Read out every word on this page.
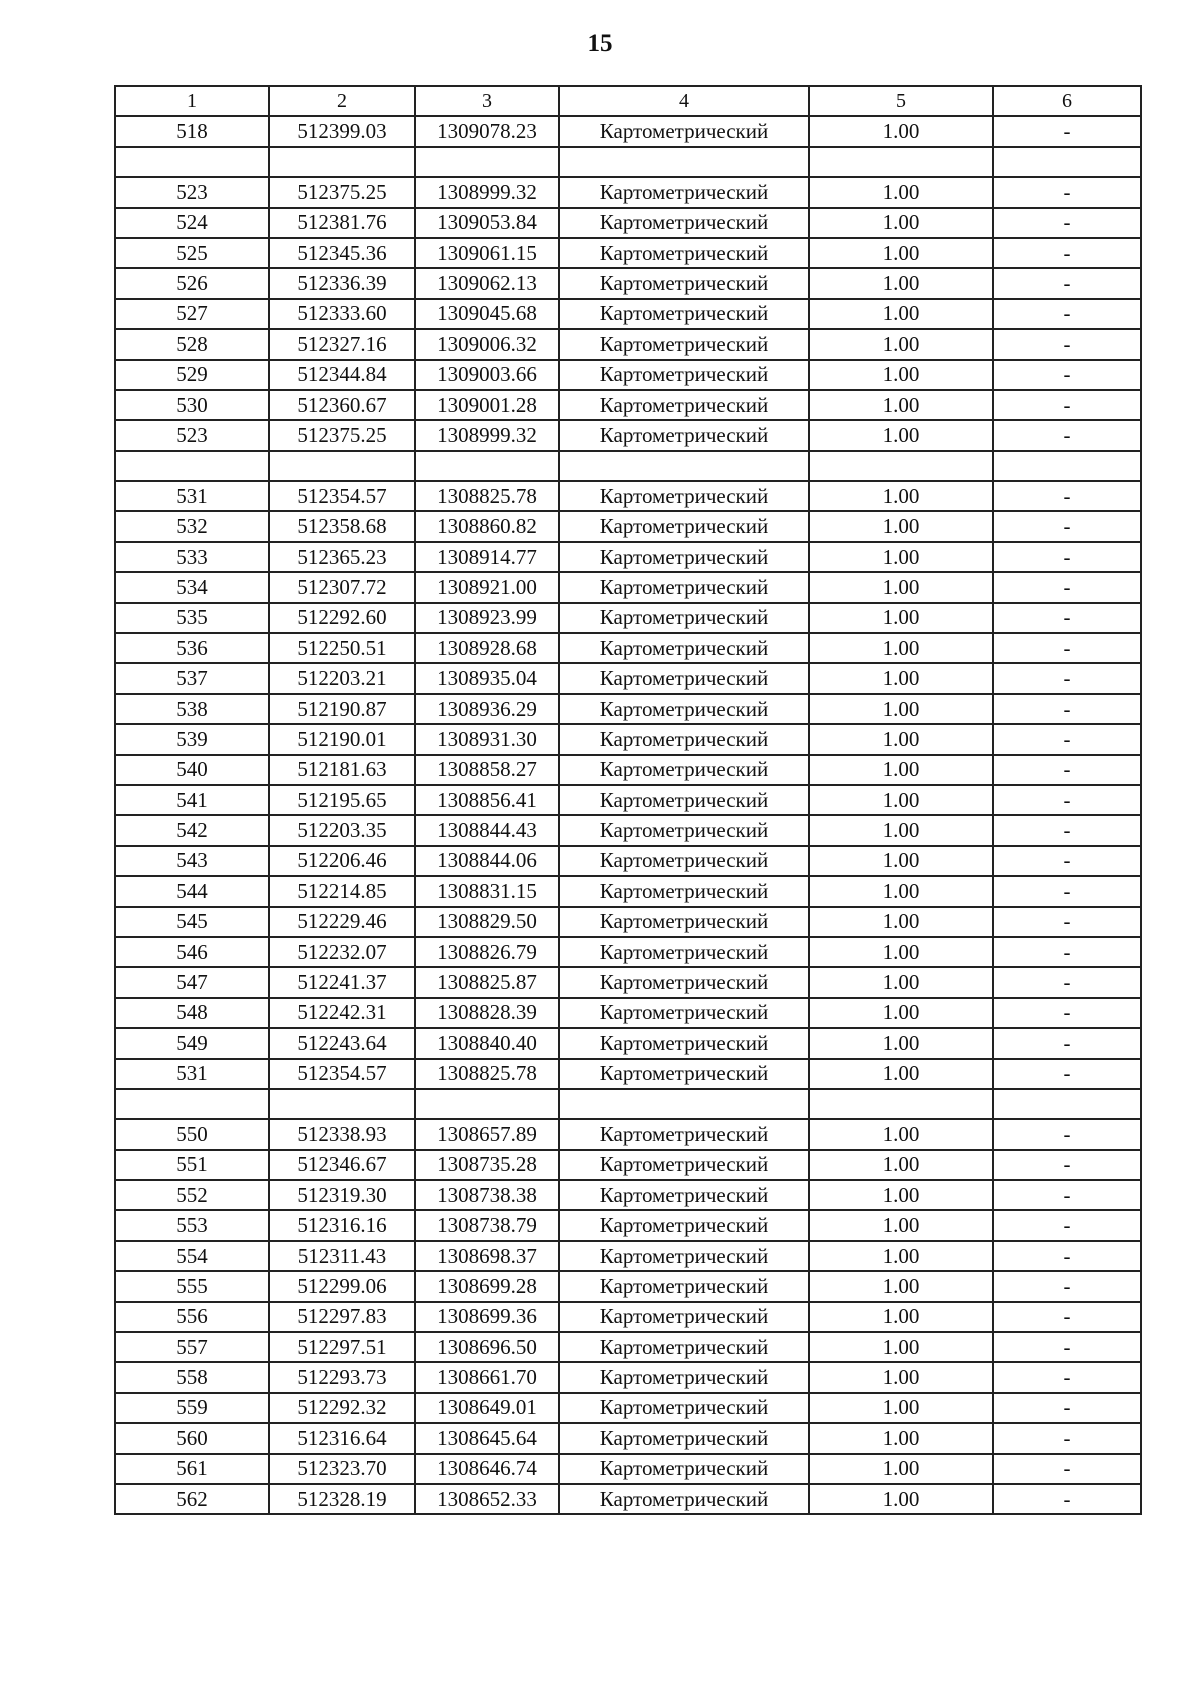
15
1	2	3	4	5	6
518	512399.03	1309078.23	Картометрический	1.00	-

523	512375.25	1308999.32	Картометрический	1.00	-
524	512381.76	1309053.84	Картометрический	1.00	-
525	512345.36	1309061.15	Картометрический	1.00	-
526	512336.39	1309062.13	Картометрический	1.00	-
527	512333.60	1309045.68	Картометрический	1.00	-
528	512327.16	1309006.32	Картометрический	1.00	-
529	512344.84	1309003.66	Картометрический	1.00	-
530	512360.67	1309001.28	Картометрический	1.00	-
523	512375.25	1308999.32	Картометрический	1.00	-

531	512354.57	1308825.78	Картометрический	1.00	-
532	512358.68	1308860.82	Картометрический	1.00	-
533	512365.23	1308914.77	Картометрический	1.00	-
534	512307.72	1308921.00	Картометрический	1.00	-
535	512292.60	1308923.99	Картометрический	1.00	-
536	512250.51	1308928.68	Картометрический	1.00	-
537	512203.21	1308935.04	Картометрический	1.00	-
538	512190.87	1308936.29	Картометрический	1.00	-
539	512190.01	1308931.30	Картометрический	1.00	-
540	512181.63	1308858.27	Картометрический	1.00	-
541	512195.65	1308856.41	Картометрический	1.00	-
542	512203.35	1308844.43	Картометрический	1.00	-
543	512206.46	1308844.06	Картометрический	1.00	-
544	512214.85	1308831.15	Картометрический	1.00	-
545	512229.46	1308829.50	Картометрический	1.00	-
546	512232.07	1308826.79	Картометрический	1.00	-
547	512241.37	1308825.87	Картометрический	1.00	-
548	512242.31	1308828.39	Картометрический	1.00	-
549	512243.64	1308840.40	Картометрический	1.00	-
531	512354.57	1308825.78	Картометрический	1.00	-

550	512338.93	1308657.89	Картометрический	1.00	-
551	512346.67	1308735.28	Картометрический	1.00	-
552	512319.30	1308738.38	Картометрический	1.00	-
553	512316.16	1308738.79	Картометрический	1.00	-
554	512311.43	1308698.37	Картометрический	1.00	-
555	512299.06	1308699.28	Картометрический	1.00	-
556	512297.83	1308699.36	Картометрический	1.00	-
557	512297.51	1308696.50	Картометрический	1.00	-
558	512293.73	1308661.70	Картометрический	1.00	-
559	512292.32	1308649.01	Картометрический	1.00	-
560	512316.64	1308645.64	Картометрический	1.00	-
561	512323.70	1308646.74	Картометрический	1.00	-
562	512328.19	1308652.33	Картометрический	1.00	-
